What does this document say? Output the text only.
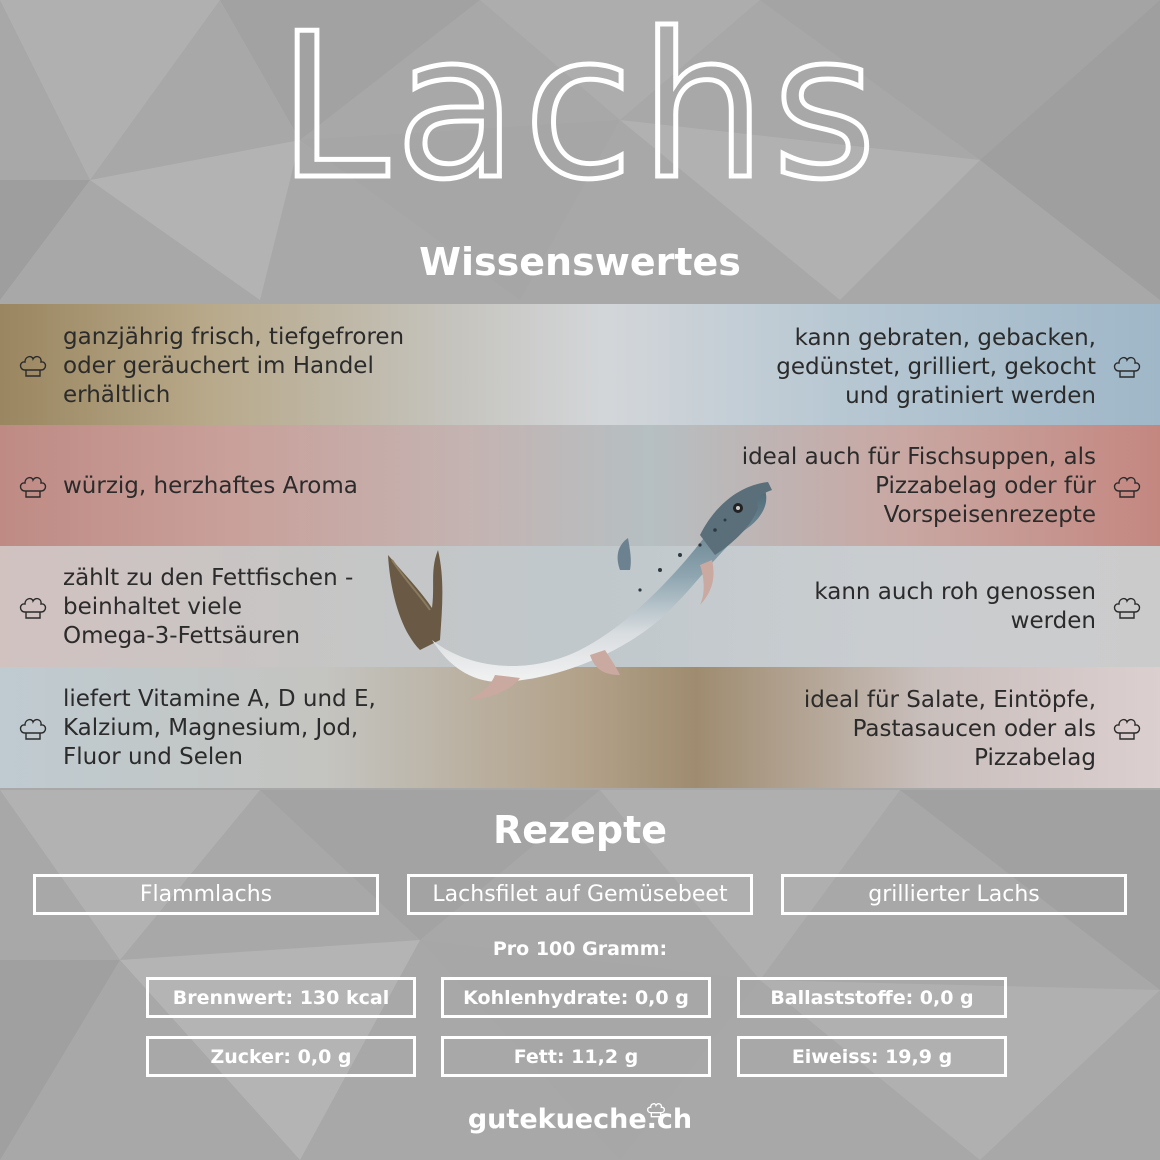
Lachs
Wissenswertes
ganzjährig frisch, tiefgefroren
oder geräuchert im Handel
erhältlich
würzig, herzhaftes Aroma
zählt zu den Fettfischen -
beinhaltet viele
Omega-3-Fettsäuren
liefert Vitamine A, D und E,
Kalzium, Magnesium, Jod,
Fluor und Selen
kann gebraten, gebacken,
gedünstet, grilliert, gekocht
und gratiniert werden
ideal auch für Fischsuppen, als
Pizzabelag oder für
Vorspeisenrezepte
kann auch roh genossen
werden
ideal für Salate, Eintöpfe,
Pastasaucen oder als
Pizzabelag
Rezepte
Flammlachs	Lachsfilet auf Gemüsebeet	grillierter Lachs
Pro 100 Gramm:
Brennwert: 130 kcal	Kohlenhydrate: 0,0 g	Ballaststoffe: 0,0 g
Zucker: 0,0 g	Fett: 11,2 g	Eiweiss: 19,9 g
gutekueche.ch
